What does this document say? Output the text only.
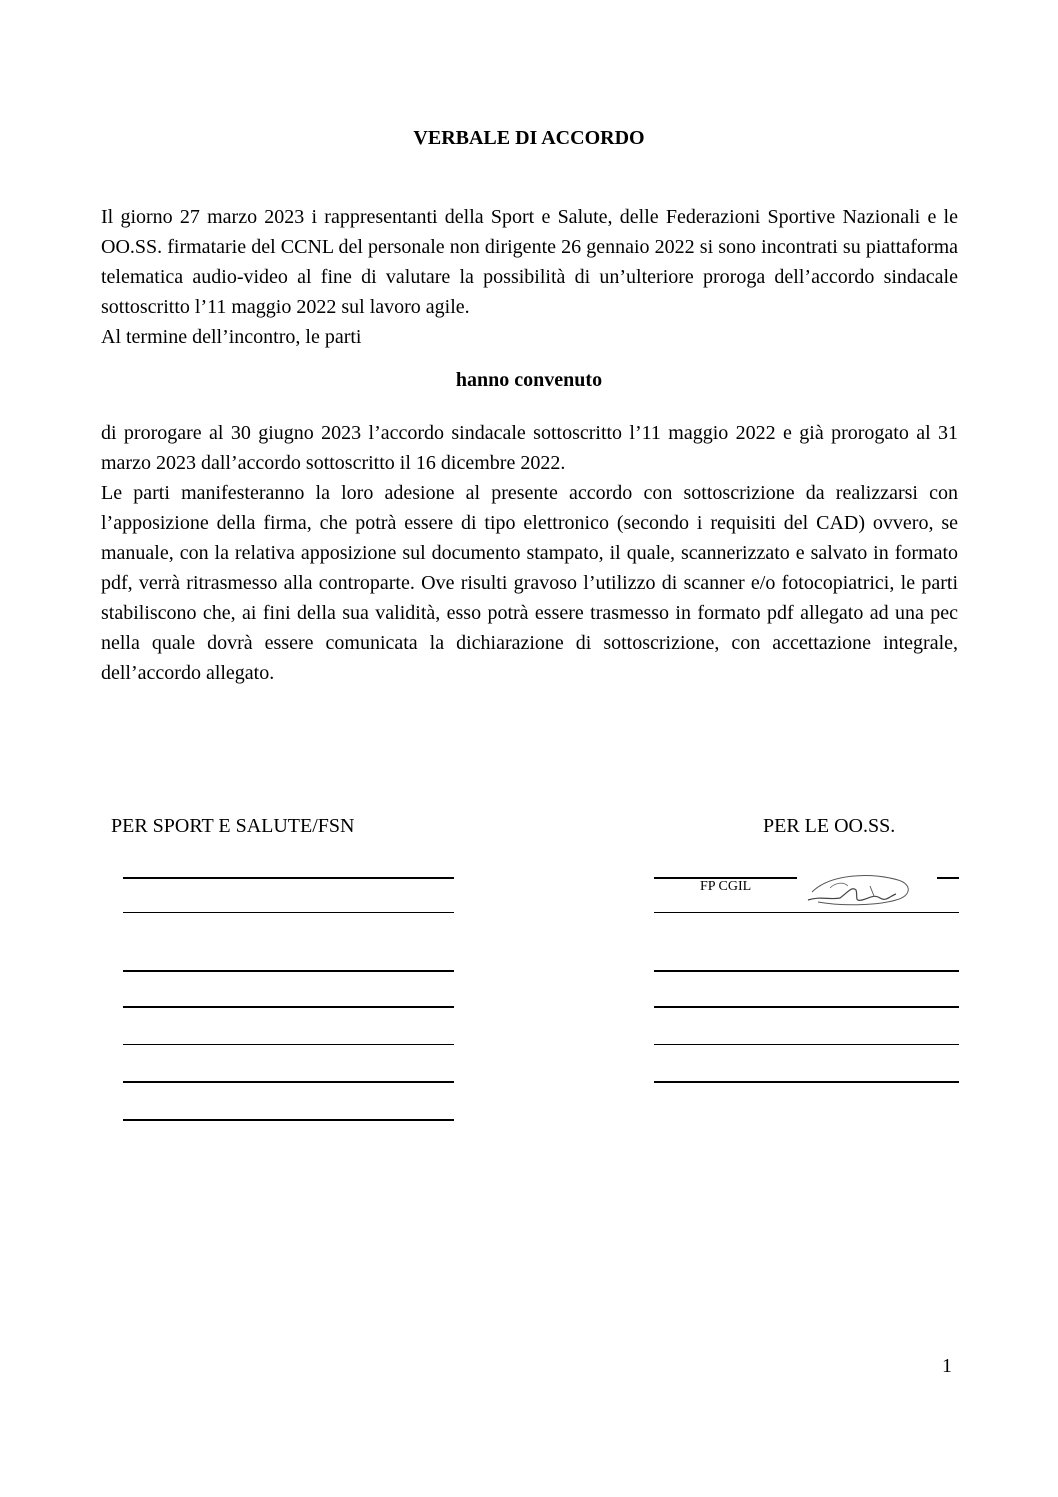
VERBALE DI ACCORDO

Il giorno 27 marzo 2023 i rappresentanti della Sport e Salute, delle Federazioni Sportive Nazionali e le OO.SS. firmatarie del CCNL del personale non dirigente 26 gennaio 2022 si sono incontrati su piattaforma telematica audio-video al fine di valutare la possibilità di un’ulteriore proroga dell’accordo sindacale sottoscritto l’11 maggio 2022 sul lavoro agile.

Al termine dell’incontro, le parti

hanno convenuto

di prorogare al 30 giugno 2023 l’accordo sindacale sottoscritto l’11 maggio 2022 e già prorogato al 31 marzo 2023 dall’accordo sottoscritto il 16 dicembre 2022.

Le parti manifesteranno la loro adesione al presente accordo con sottoscrizione da realizzarsi con l’apposizione della firma, che potrà essere di tipo elettronico (secondo i requisiti del CAD) ovvero, se manuale, con la relativa apposizione sul documento stampato, il quale, scannerizzato e salvato in formato pdf, verrà ritrasmesso alla controparte. Ove risulti gravoso l’utilizzo di scanner e/o fotocopiatrici, le parti stabiliscono che, ai fini della sua validità, esso potrà essere trasmesso in formato pdf allegato ad una pec nella quale dovrà essere comunicata la dichiarazione di sottoscrizione, con accettazione integrale, dell’accordo allegato.

PER SPORT E SALUTE/FSN	PER LE OO.SS.
FP CGIL
1
